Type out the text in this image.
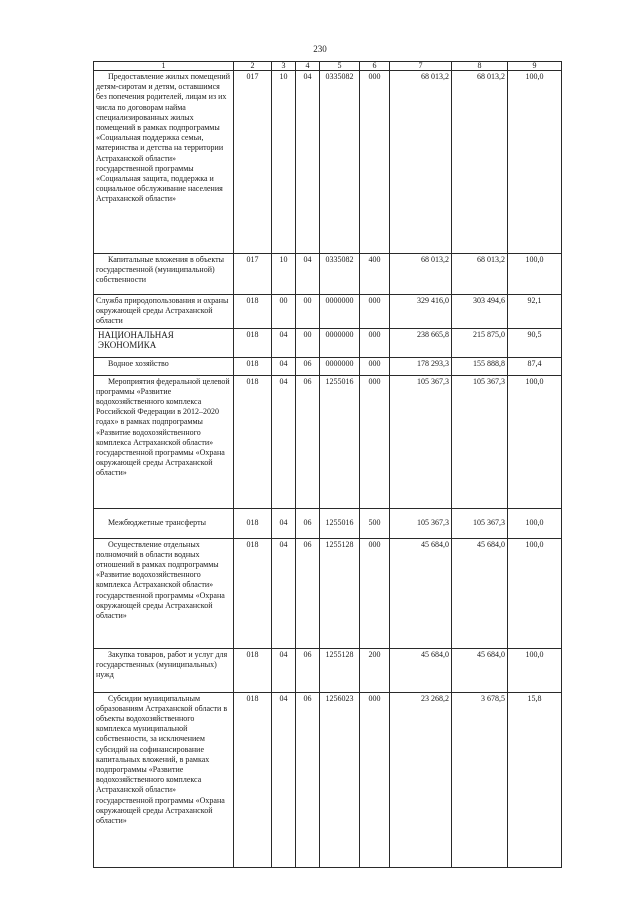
230
1	2	3	4	5	6	7	8	9
Предоставление жилых помещений детям-сиротам и детям, оставшимся без попечения родителей, лицам из их числа по договорам найма специализированных жилых помещений в рамках подпрограммы «Социальная поддержка семьи, материнства и детства на территории Астраханской области» государственной программы «Социальная защита, поддержка и социальное обслуживание населения Астраханской области»	017	10	04	0335082	000	68 013,2	68 013,2	100,0
Капитальные вложения в объекты государственной (муниципальной) собственности	017	10	04	0335082	400	68 013,2	68 013,2	100,0
Служба природопользования и охраны окружающей среды Астраханской области	018	00	00	0000000	000	329 416,0	303 494,6	92,1
НАЦИОНАЛЬНАЯ ЭКОНОМИКА	018	04	00	0000000	000	238 665,8	215 875,0	90,5
Водное хозяйство	018	04	06	0000000	000	178 293,3	155 888,8	87,4
Мероприятия федеральной целевой программы «Развитие водохозяйственного комплекса Российской Федерации в 2012–2020 годах» в рамках подпрограммы «Развитие водохозяйственного комплекса Астраханской области» государственной программы «Охрана окружающей среды Астраханской области»	018	04	06	1255016	000	105 367,3	105 367,3	100,0
Межбюджетные трансферты	018	04	06	1255016	500	105 367,3	105 367,3	100,0
Осуществление отдельных полномочий в области водных отношений в рамках подпрограммы «Развитие водохозяйственного комплекса Астраханской области» государственной программы «Охрана окружающей среды Астраханской области»	018	04	06	1255128	000	45 684,0	45 684,0	100,0
Закупка товаров, работ и услуг для государственных (муниципальных) нужд	018	04	06	1255128	200	45 684,0	45 684,0	100,0
Субсидии муниципальным образованиям Астраханской области в объекты водохозяйственного комплекса муниципальной собственности, за исключением субсидий на софинансирование капитальных вложений, в рамках подпрограммы «Развитие водохозяйственного комплекса Астраханской области» государственной программы «Охрана окружающей среды Астраханской области»	018	04	06	1256023	000	23 268,2	3 678,5	15,8
